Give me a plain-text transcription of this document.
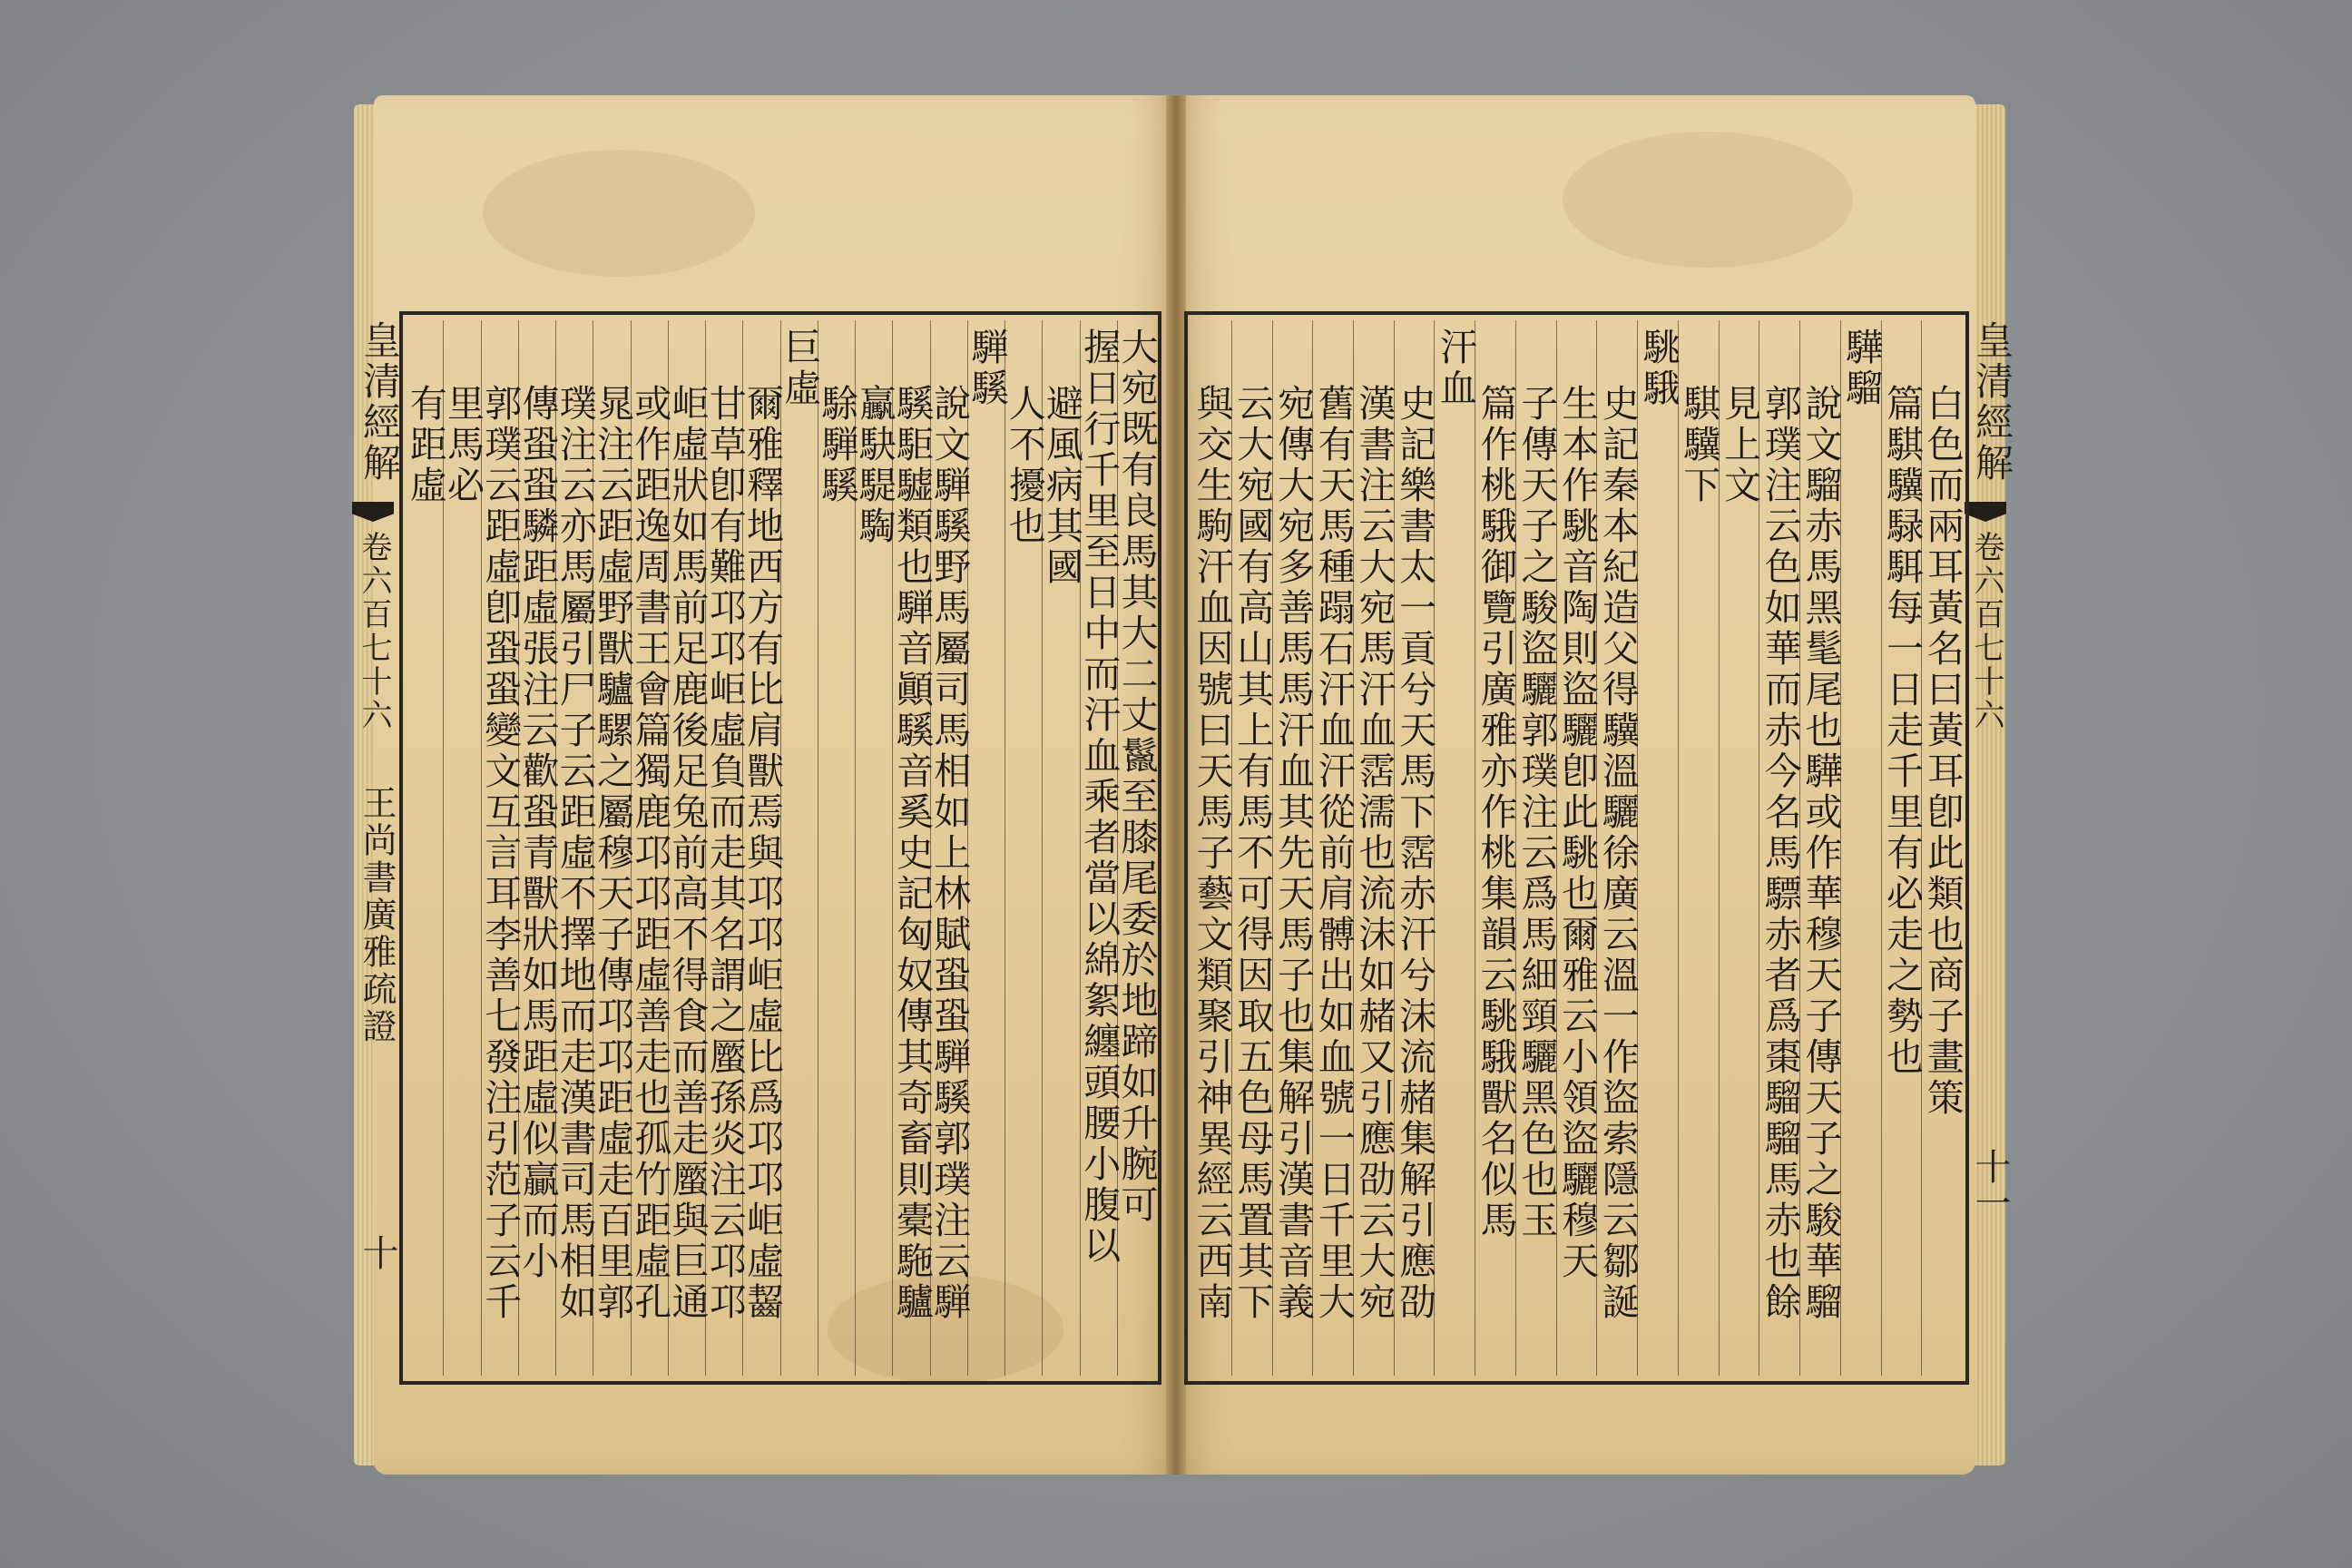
皇清經解
卷六百七十六
王尚書廣雅疏證
十
皇清經解
卷六百七十六
十一
大宛既有良馬其大二丈鬣至膝尾委於地蹄如升腕可
握日行千里至日中而汗血乘者當以綿絮纏頭腰小腹以
避風病其國
人不擾也
騨騱
說文騨騱野馬屬司馬相如上林賦蛩蛩騨騱郭璞注云騨
騱駏驉類也騨音顚騱音奚史記匈奴傳其奇畜則橐駞驢
驘駃騠騊
駼騨騱
巨虛
爾雅釋地西方有比肩獸焉與邛邛岠虛比爲邛邛岠虛齧
甘草卽有難邛邛岠虛負而走其名謂之蟨孫炎注云邛邛
岠虛狀如馬前足鹿後足兔前高不得食而善走蟨與巨通
或作距逸周書王會篇獨鹿邛邛距虛善走也孤竹距虛孔
晁注云距虛野獸驢騾之屬穆天子傳邛邛距虛走百里郭
璞注云亦馬屬引尸子云距虛不擇地而走漢書司馬相如
傳蛩蛩驎距虛張注云歡蛩青獸狀如馬距虛似贏而小
郭璞云距虛卽蛩蛩變文互言耳李善七發注引范子云千
里馬必
有距虛	白色而兩耳黃名曰黃耳卽此類也商子畫策
篇騏驥騄駬每一日走千里有必走之勢也
驊騮
說文騮赤馬黑髦尾也驊或作華穆天子傳天子之駿華騮
郭璞注云色如華而赤今名馬驃赤者爲棗騮騮馬赤也餘
見上文
騏驥下
駣騀
史記秦本紀造父得驥溫驪徐廣云溫一作盜索隱云鄒誕
生本作駣音陶則盜驪卽此駣也爾雅云小領盜驪穆天
子傳天子之駿盜驪郭璞注云爲馬細頸驪黑色也玉
篇作桃騀御覽引廣雅亦作桃集韻云駣騀獸名似馬
汗血
史記樂書太一貢兮天馬下霑赤汗兮沫流赭集解引應劭
漢書注云大宛馬汗血霑濡也流沫如赭又引應劭云大宛
舊有天馬種蹋石汗血汗從前肩髆出如血號一日千里大
宛傳大宛多善馬馬汗血其先天馬子也集解引漢書音義
云大宛國有高山其上有馬不可得因取五色母馬置其下
與交生駒汗血因號曰天馬子藝文類聚引神異經云西南
